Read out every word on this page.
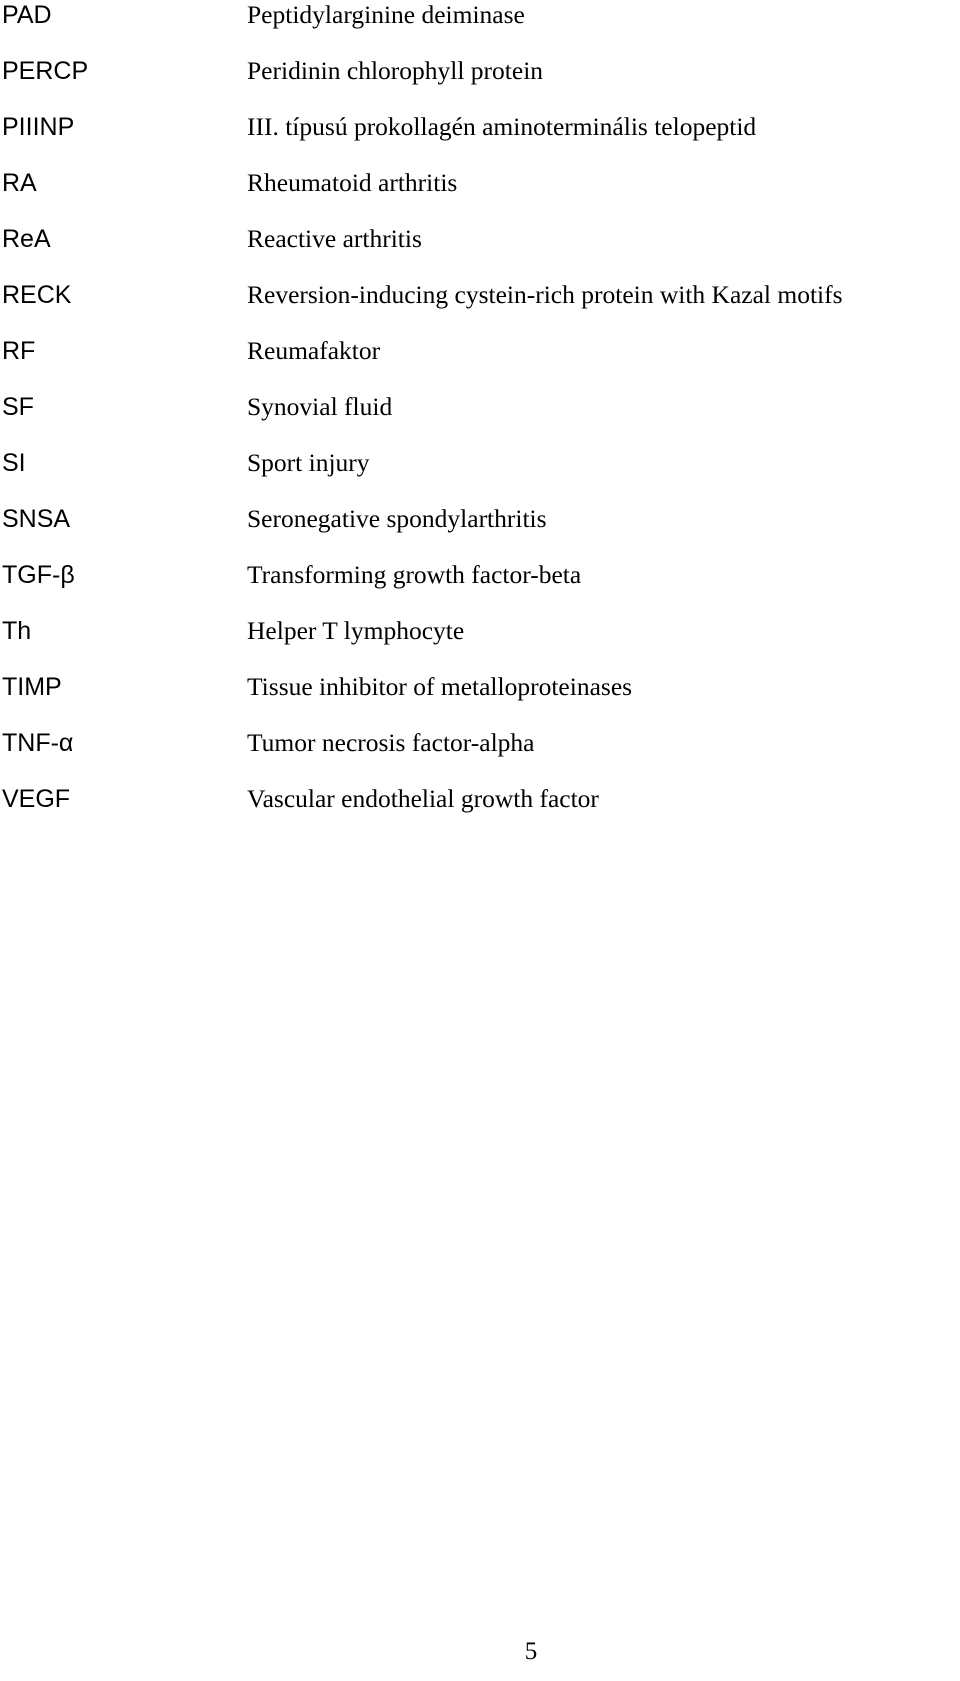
PAD	Peptidylarginine deiminase
PERCP	Peridinin chlorophyll protein
PIIINP	III. típusú prokollagén aminoterminális telopeptid
RA	Rheumatoid arthritis
ReA	Reactive arthritis
RECK	Reversion-inducing cystein-rich protein with Kazal motifs
RF	Reumafaktor
SF	Synovial fluid
SI	Sport injury
SNSA	Seronegative spondylarthritis
TGF-β	Transforming growth factor-beta
Th	Helper T lymphocyte
TIMP	Tissue inhibitor of metalloproteinases
TNF-α	Tumor necrosis factor-alpha
VEGF	Vascular endothelial growth factor
5
